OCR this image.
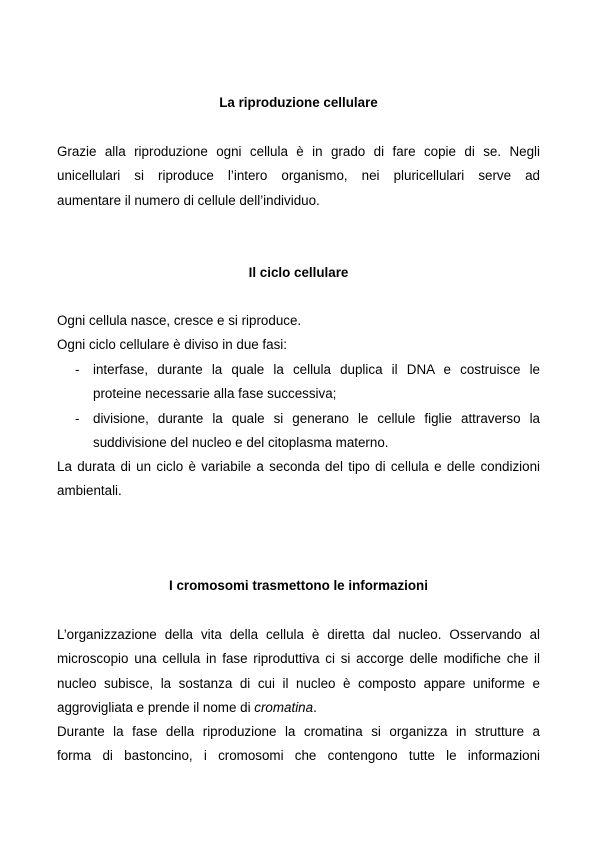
La riproduzione cellulare

Grazie alla riproduzione ogni cellula è in grado di fare copie di se. Negli
unicellulari si riproduce l’intero organismo, nei pluricellulari serve ad
aumentare il numero di cellule dell’individuo.

Il ciclo cellulare

Ogni cellula nasce, cresce e si riproduce.
Ogni ciclo cellulare è diviso in due fasi:

- interfase, durante la quale la cellula duplica il DNA e costruisce le
proteine necessarie alla fase successiva;
- divisione, durante la quale si generano le cellule figlie attraverso la
suddivisione del nucleo e del citoplasma materno.

La durata di un ciclo è variabile a seconda del tipo di cellula e delle condizioni
ambientali.

I cromosomi trasmettono le informazioni

L’organizzazione della vita della cellula è diretta dal nucleo. Osservando al
microscopio una cellula in fase riproduttiva ci si accorge delle modifiche che il
nucleo subisce, la sostanza di cui il nucleo è composto appare uniforme e
aggrovigliata e prende il nome di cromatina.
Durante la fase della riproduzione la cromatina si organizza in strutture a
forma di bastoncino, i cromosomi che contengono tutte le informazioni
